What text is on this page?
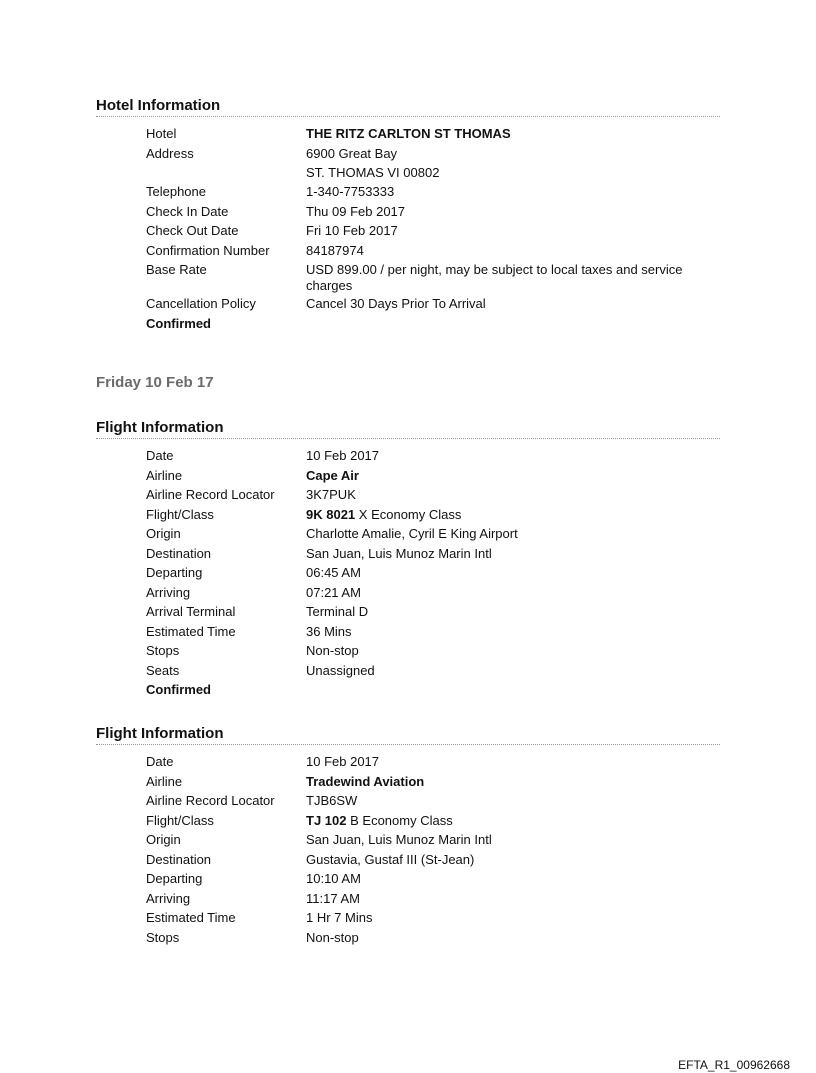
Hotel Information
Hotel	THE RITZ CARLTON ST THOMAS
Address	6900 Great Bay
ST. THOMAS VI 00802
Telephone	1-340-7753333
Check In Date	Thu 09 Feb 2017
Check Out Date	Fri 10 Feb 2017
Confirmation Number	84187974
Base Rate	USD 899.00 / per night, may be subject to local taxes and service charges
Cancellation Policy	Cancel 30 Days Prior To Arrival
Confirmed
Friday 10 Feb 17
Flight Information
Date	10 Feb 2017
Airline	Cape Air
Airline Record Locator	3K7PUK
Flight/Class	9K 8021 X Economy Class
Origin	Charlotte Amalie, Cyril E King Airport
Destination	San Juan, Luis Munoz Marin Intl
Departing	06:45 AM
Arriving	07:21 AM
Arrival Terminal	Terminal D
Estimated Time	36 Mins
Stops	Non-stop
Seats	Unassigned
Confirmed
Flight Information
Date	10 Feb 2017
Airline	Tradewind Aviation
Airline Record Locator	TJB6SW
Flight/Class	TJ 102 B Economy Class
Origin	San Juan, Luis Munoz Marin Intl
Destination	Gustavia, Gustaf III (St-Jean)
Departing	10:10 AM
Arriving	11:17 AM
Estimated Time	1 Hr 7 Mins
Stops	Non-stop
EFTA_R1_00962668
